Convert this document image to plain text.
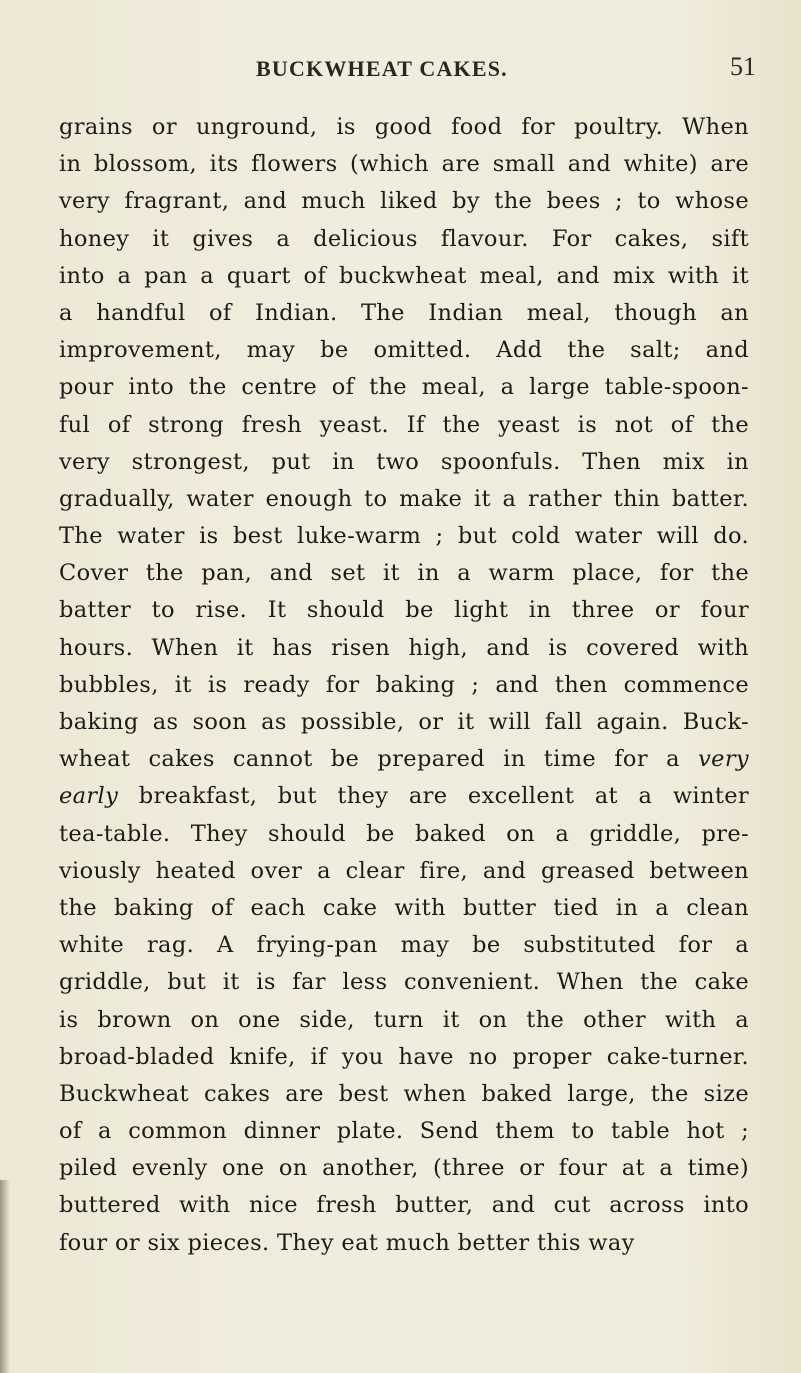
BUCKWHEAT CAKES.	51
grains or unground, is good food for poultry. When
in blossom, its flowers (which are small and white) are
very fragrant, and much liked by the bees ; to whose
honey it gives a delicious flavour. For cakes, sift
into a pan a quart of buckwheat meal, and mix with it
a handful of Indian. The Indian meal, though an
improvement, may be omitted. Add the salt; and
pour into the centre of the meal, a large table-spoon-
ful of strong fresh yeast. If the yeast is not of the
very strongest, put in two spoonfuls. Then mix in
gradually, water enough to make it a rather thin batter.
The water is best luke-warm ; but cold water will do.
Cover the pan, and set it in a warm place, for the
batter to rise. It should be light in three or four
hours. When it has risen high, and is covered with
bubbles, it is ready for baking ; and then commence
baking as soon as possible, or it will fall again. Buck-
wheat cakes cannot be prepared in time for a very
early breakfast, but they are excellent at a winter
tea-table. They should be baked on a griddle, pre-
viously heated over a clear fire, and greased between
the baking of each cake with butter tied in a clean
white rag. A frying-pan may be substituted for a
griddle, but it is far less convenient. When the cake
is brown on one side, turn it on the other with a
broad-bladed knife, if you have no proper cake-turner.
Buckwheat cakes are best when baked large, the size
of a common dinner plate. Send them to table hot ;
piled evenly one on another, (three or four at a time)
buttered with nice fresh butter, and cut across into
four or six pieces. They eat much better this way
